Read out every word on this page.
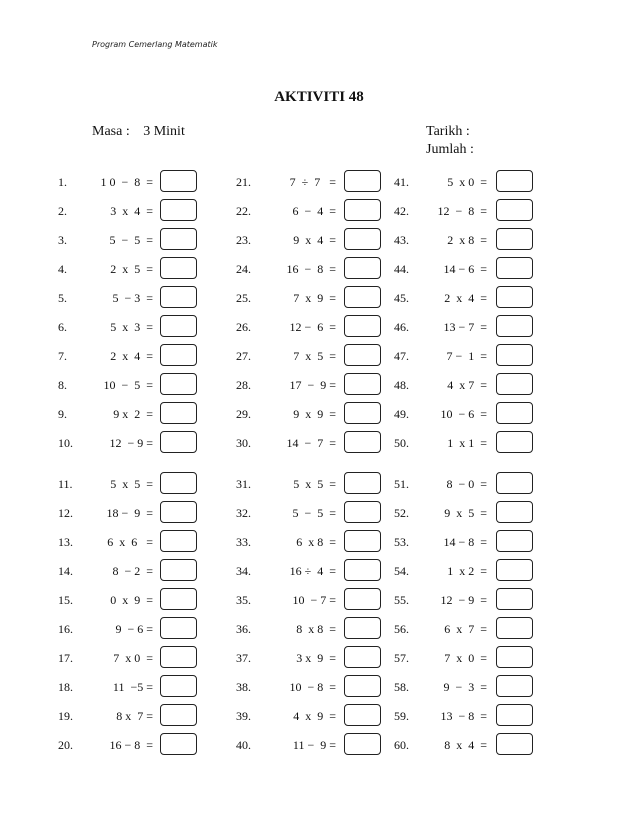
Program Cemerlang Matematik
AKTIVITI 48
Masa : 3 Minit	Tarikh :
Jumlah :
1.	1 0  −  8  =
2.	3  x  4  =
3.	5  −  5  =
4.	2  x  5  =
5.	5  − 3  =
6.	5  x  3  =
7.	2  x  4  =
8.	10  −  5  =
9.	9 x  2  =
10.	12  − 9 =
11.	5  x  5  =
12.	18 −  9  =
13.	6  x  6   =
14.	8  − 2  =
15.	0  x  9  =
16.	9  − 6 =
17.	7  x 0  =
18.	11  −5 =
19.	8 x  7 =
20.	16 − 8  =
21.	7  ÷  7   =
22.	6  −  4  =
23.	9  x  4  =
24.	16  −  8  =
25.	7  x  9  =
26.	12 −  6  =
27.	7  x  5  =
28.	17  −  9 =
29.	9  x  9  =
30.	14  −  7  =
31.	5  x  5  =
32.	5  −  5  =
33.	6  x 8  =
34.	16 ÷  4  =
35.	10  − 7 =
36.	8  x 8  =
37.	3 x  9  =
38.	10  − 8  =
39.	4  x  9  =
40.	11 −  9 =
41.	5  x 0  =
42. 12  −  8  =
43.	2  x 8  =
44.	14 − 6  =
45.	2  x  4  =
46.	13 − 7  =
47.	7 −  1  =
48.	4  x 7  =
49.	10  − 6  =
50.	1  x 1  =
51.	8  − 0  =
52.	9  x  5  =
53.	14 − 8  =
54.	1  x 2  =
55.	12  − 9  =
56.	6  x  7  =
57.	7  x  0  =
58.	9  −  3  =
59.	13  − 8  =
60.	8  x  4  =
